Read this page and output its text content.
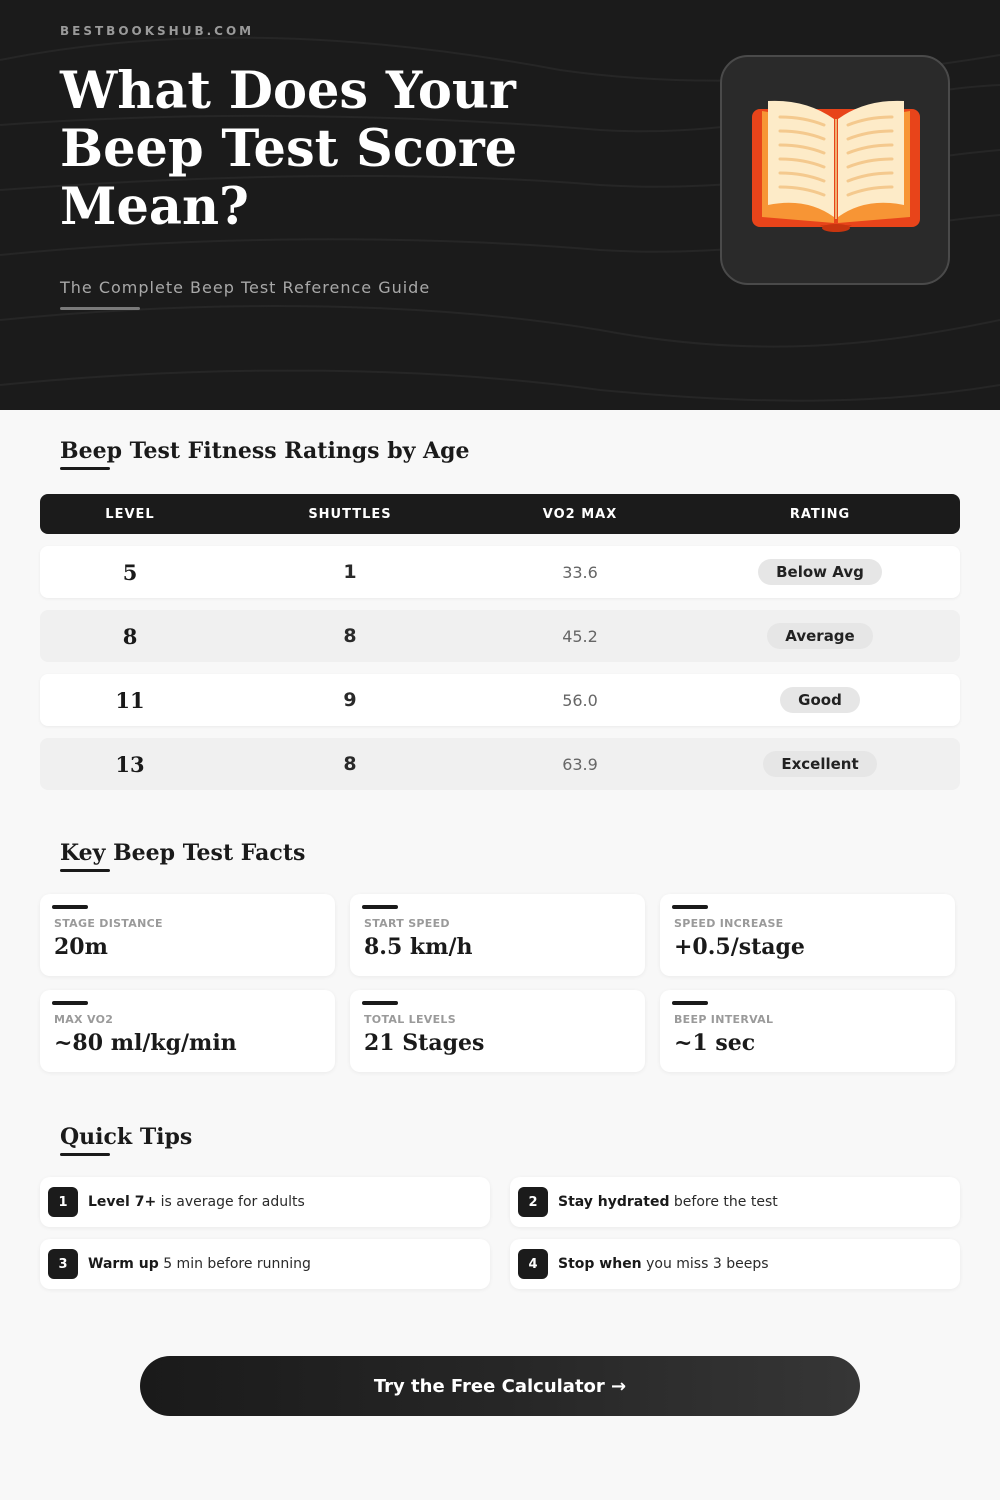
BESTBOOKSHUB.COM
What Does Your Beep Test Score Mean?
The Complete Beep Test Reference Guide
Beep Test Fitness Ratings by Age
LEVEL	SHUTTLES	VO2 MAX	RATING
5	1	33.6	Below Avg
8	8	45.2	Average
11	9	56.0	Good
13	8	63.9	Excellent
Key Beep Test Facts
STAGE DISTANCE
20m
START SPEED
8.5 km/h
SPEED INCREASE
+0.5/stage
MAX VO2
~80 ml/kg/min
TOTAL LEVELS
21 Stages
BEEP INTERVAL
~1 sec
Quick Tips
1	Level 7+ is average for adults	2	Stay hydrated before the test
3	Warm up 5 min before running	4	Stop when you miss 3 beeps
Try the Free Calculator →
